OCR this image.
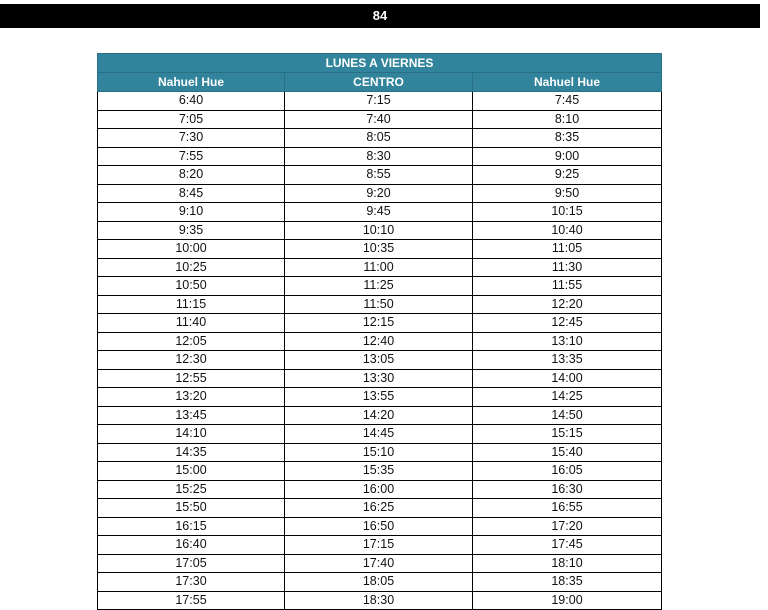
84
LUNES A VIERNES		
Nahuel Hue	CENTRO	Nahuel Hue
6:40	7:15	7:45
7:05	7:40	8:10
7:30	8:05	8:35
7:55	8:30	9:00
8:20	8:55	9:25
8:45	9:20	9:50
9:10	9:45	10:15
9:35	10:10	10:40
10:00	10:35	11:05
10:25	11:00	11:30
10:50	11:25	11:55
11:15	11:50	12:20
11:40	12:15	12:45
12:05	12:40	13:10
12:30	13:05	13:35
12:55	13:30	14:00
13:20	13:55	14:25
13:45	14:20	14:50
14:10	14:45	15:15
14:35	15:10	15:40
15:00	15:35	16:05
15:25	16:00	16:30
15:50	16:25	16:55
16:15	16:50	17:20
16:40	17:15	17:45
17:05	17:40	18:10
17:30	18:05	18:35
17:55	18:30	19:00
